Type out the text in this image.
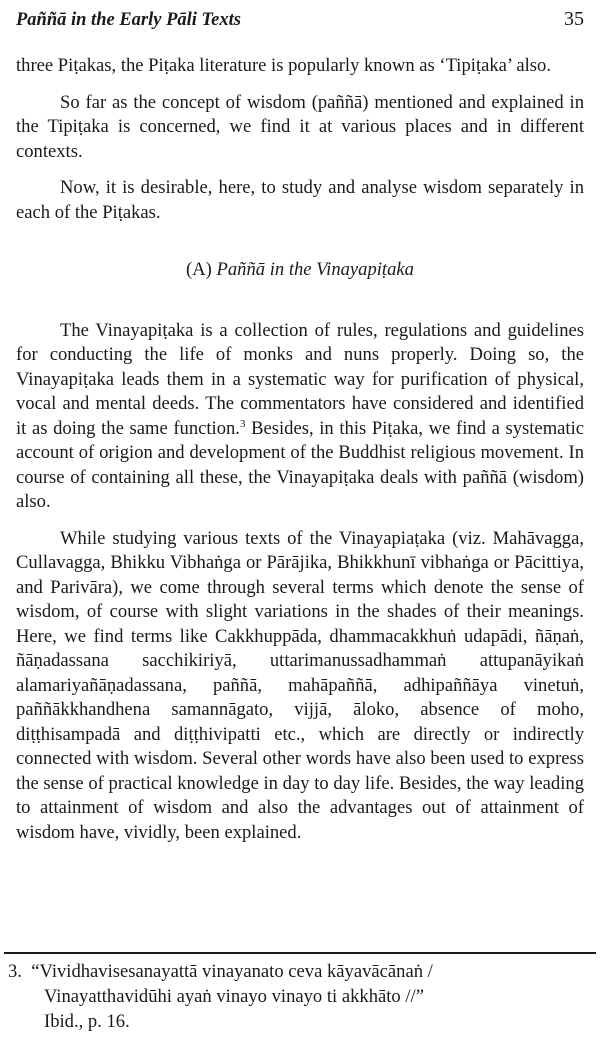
Paññā in the Early Pāli Texts	35

three Piṭakas, the Piṭaka literature is popularly known as ‘Tipiṭaka’ also.

So far as the concept of wisdom (paññā) mentioned and explained in the Tipiṭaka is concerned, we find it at various places and in different contexts.

Now, it is desirable, here, to study and analyse wisdom separately in each of the Piṭakas.

(A) Paññā in the Vinayapiṭaka

The Vinayapiṭaka is a collection of rules, regulations and guidelines for conducting the life of monks and nuns properly. Doing so, the Vinayapiṭaka leads them in a systematic way for purification of physical, vocal and mental deeds. The commentators have considered and identified it as doing the same function.$^3$ Besides, in this Piṭaka, we find a systematic account of origion and development of the Buddhist religious movement. In course of containing all these, the Vinayapiṭaka deals with paññā (wisdom) also.

While studying various texts of the Vinayapiaṭaka (viz. Mahāvagga, Cullavagga, Bhikku Vibhaṅga or Pārājika, Bhikkhunī vibhaṅga or Pācittiya, and Parivāra), we come through several terms which denote the sense of wisdom, of course with slight variations in the shades of their meanings. Here, we find terms like Cakkhuppāda, dhammacakkhuṅ udapādi, ñāṇaṅ, ñāṇadassana sacchikiriyā, uttarimanussadhammaṅ attupanāyikaṅ alamariyañāṇadassana, paññā, mahāpaññā, adhipaññāya vinetuṅ, paññākkhandhena samannāgato, vijjā, āloko, absence of moho, diṭṭhisampadā and diṭṭhivipatti etc., which are directly or indirectly connected with wisdom. Several other words have also been used to express the sense of practical knowledge in day to day life. Besides, the way leading to attainment of wisdom and also the advantages out of attainment of wisdom have, vividly, been explained.

3. “Vividhavisesanayattā vinayanato ceva kāyavācānaṅ /
Vinayatthavidūhi ayaṅ vinayo vinayo ti akkhāto //”
Ibid., p. 16.
